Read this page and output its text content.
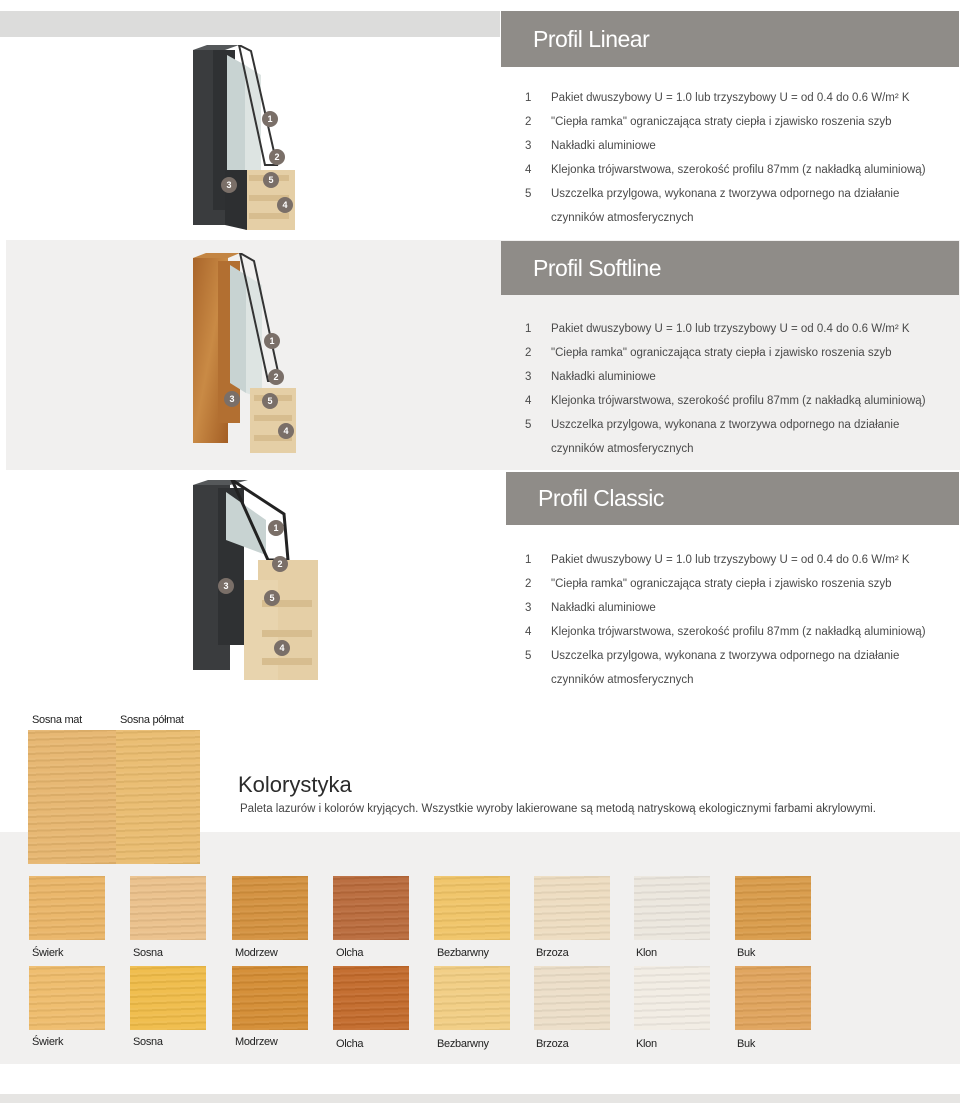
Profil Linear
1
2
3
4
5
1	Pakiet dwuszybowy U = 1.0 lub trzyszybowy U = od 0.4 do 0.6 W/m² K
2	"Ciepła ramka" ograniczająca straty ciepła i zjawisko roszenia szyb
3	Nakładki aluminiowe
4	Klejonka trójwarstwowa, szerokość profilu 87mm (z nakładką aluminiową)
5	Uszczelka przylgowa, wykonana z tworzywa odpornego na działanie
czynników atmosferycznych
Profil Softline
1
2
3
4
5
1	Pakiet dwuszybowy U = 1.0 lub trzyszybowy U = od 0.4 do 0.6 W/m² K
2	"Ciepła ramka" ograniczająca straty ciepła i zjawisko roszenia szyb
3	Nakładki aluminiowe
4	Klejonka trójwarstwowa, szerokość profilu 87mm (z nakładką aluminiową)
5	Uszczelka przylgowa, wykonana z tworzywa odpornego na działanie
czynników atmosferycznych
Profil Classic
1
2
3
4
5
1	Pakiet dwuszybowy U = 1.0 lub trzyszybowy U = od 0.4 do 0.6 W/m² K
2	"Ciepła ramka" ograniczająca straty ciepła i zjawisko roszenia szyb
3	Nakładki aluminiowe
4	Klejonka trójwarstwowa, szerokość profilu 87mm (z nakładką aluminiową)
5	Uszczelka przylgowa, wykonana z tworzywa odpornego na działanie
czynników atmosferycznych
Sosna mat	Sosna półmat
Kolorystyka
Paleta lazurów i kolorów kryjących. Wszystkie wyroby lakierowane są metodą natryskową ekologicznymi farbami akrylowymi.
Świerk	Sosna	Modrzew	Olcha	Bezbarwny	Brzoza	Klon	Buk
Świerk	Sosna	Modrzew	Olcha	Bezbarwny	Brzoza	Klon	Buk
